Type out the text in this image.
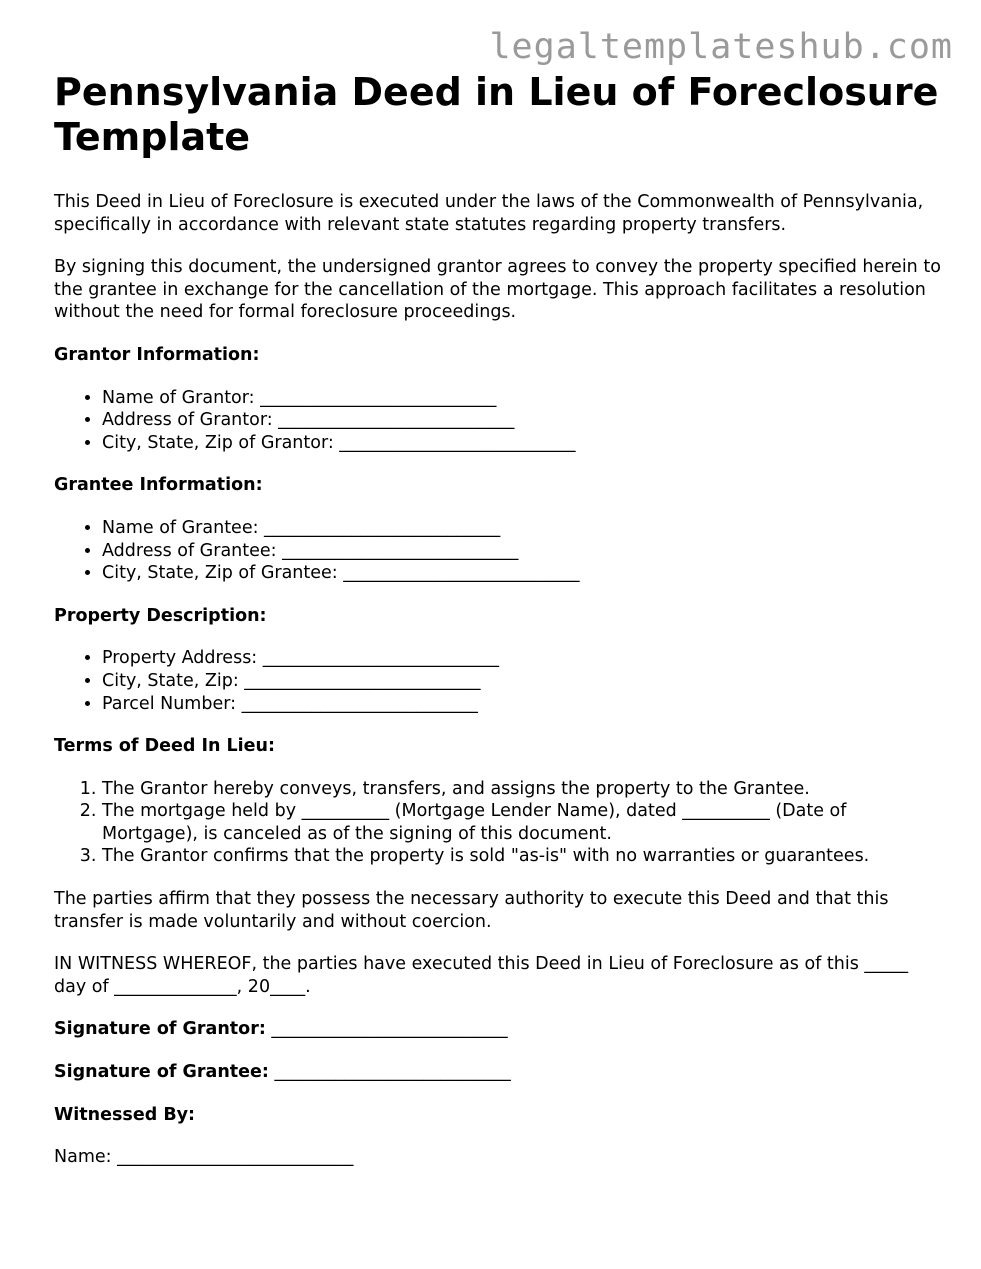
legaltemplateshub.com
Pennsylvania Deed in Lieu of Foreclosure Template

This Deed in Lieu of Foreclosure is executed under the laws of the Commonwealth of Pennsylvania, specifically in accordance with relevant state statutes regarding property transfers.

By signing this document, the undersigned grantor agrees to convey the property specified herein to the grantee in exchange for the cancellation of the mortgage. This approach facilitates a resolution without the need for formal foreclosure proceedings.

Grantor Information:
• Name of Grantor: ___________________________
• Address of Grantor: ___________________________
• City, State, Zip of Grantor: ___________________________
Grantee Information:
• Name of Grantee: ___________________________
• Address of Grantee: ___________________________
• City, State, Zip of Grantee: ___________________________
Property Description:
• Property Address: ___________________________
• City, State, Zip: ___________________________
• Parcel Number: ___________________________
Terms of Deed In Lieu:
1. The Grantor hereby conveys, transfers, and assigns the property to the Grantee.
2. The mortgage held by __________ (Mortgage Lender Name), dated __________ (Date of Mortgage), is canceled as of the signing of this document.
3. The Grantor confirms that the property is sold "as-is" with no warranties or guarantees.

The parties affirm that they possess the necessary authority to execute this Deed and that this transfer is made voluntarily and without coercion.

IN WITNESS WHEREOF, the parties have executed this Deed in Lieu of Foreclosure as of this _____ day of ______________, 20____.

Signature of Grantor: ___________________________

Signature of Grantee: ___________________________

Witnessed By:

Name: ___________________________
